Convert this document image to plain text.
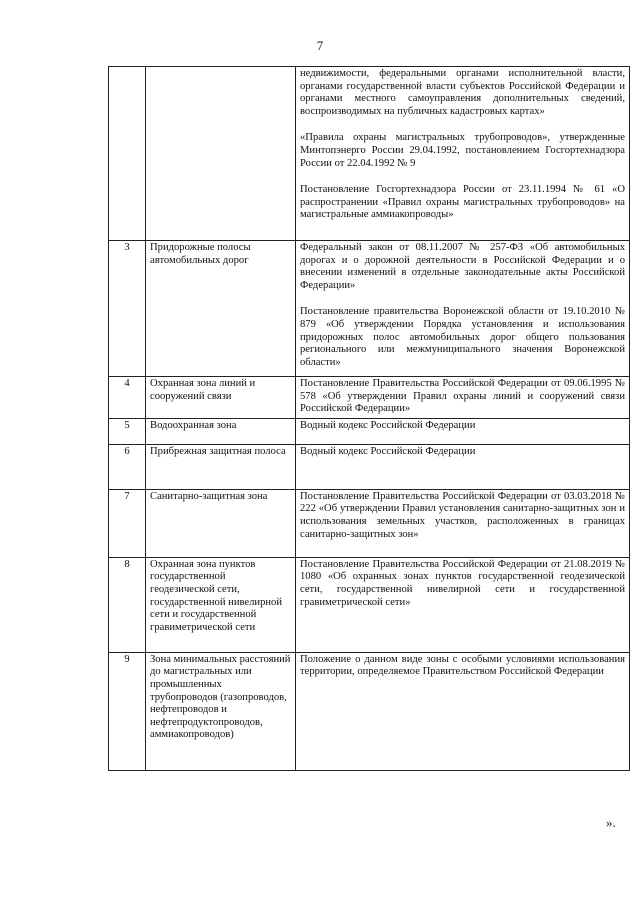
7

		недвижимости, федеральными органами исполнительной власти, органами государственной власти субъектов Российской Федерации и органами местного самоуправления дополнительных сведений, воспроизводимых на публичных кадастровых картах»

«Правила охраны магистральных трубопроводов», утвержденные Минтопэнерго России 29.04.1992, постановлением Госгортехнадзора России от 22.04.1992 № 9

Постановление Госгортехнадзора России от 23.11.1994 № 61 «О распространении «Правил охраны магистральных трубопроводов» на магистральные аммиакопроводы»

3	Придорожные полосы автомобильных дорог	Федеральный закон от 08.11.2007 № 257-ФЗ «Об автомобильных дорогах и о дорожной деятельности в Российской Федерации и о внесении изменений в отдельные законодательные акты Российской Федерации»

Постановление правительства Воронежской области от 19.10.2010 № 879 «Об утверждении Порядка установления и использования придорожных полос автомобильных дорог общего пользования регионального или межмуниципального значения Воронежской области»

4	Охранная зона линий и сооружений связи	Постановление Правительства Российской Федерации от 09.06.1995 № 578 «Об утверждении Правил охраны линий и сооружений связи Российской Федерации»

5	Водоохранная зона	Водный кодекс Российской Федерации

6	Прибрежная защитная полоса	Водный кодекс Российской Федерации

7	Санитарно-защитная зона	Постановление Правительства Российской Федерации от 03.03.2018 № 222 «Об утверждении Правил установления санитарно-защитных зон и использования земельных участков, расположенных в границах санитарно-защитных зон»

8	Охранная зона пунктов государственной геодезической сети, государственной нивелирной сети и государственной гравиметрической сети	Постановление Правительства Российской Федерации от 21.08.2019 № 1080 «Об охранных зонах пунктов государственной геодезической сети, государственной нивелирной сети и государственной гравиметрической сети»

9	Зона минимальных расстояний до магистральных или промышленных трубопроводов (газопроводов, нефтепроводов и нефтепродуктопроводов, аммиакопроводов)	Положение о данном виде зоны с особыми условиями использования территории, определяемое Правительством Российской Федерации

».
